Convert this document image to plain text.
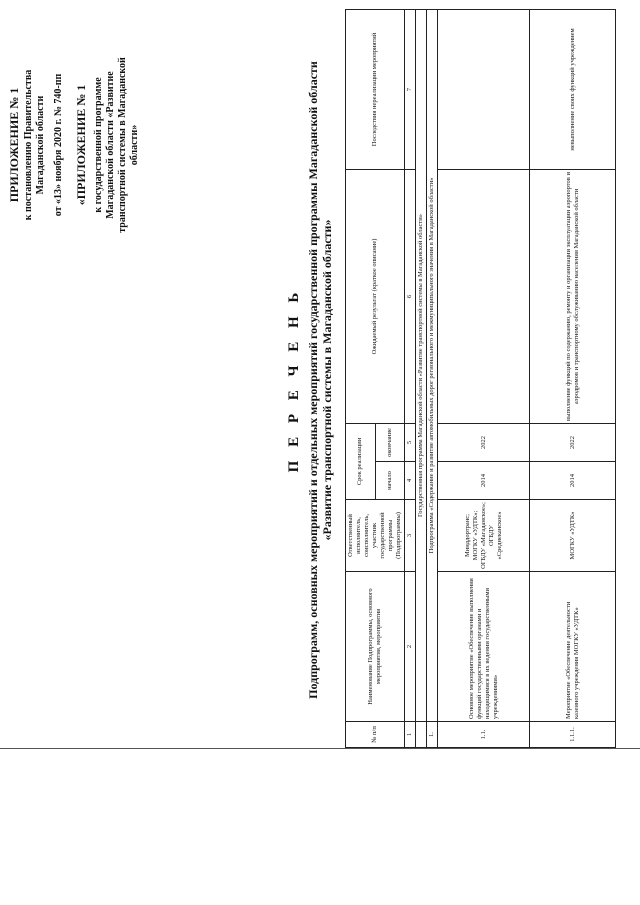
ПРИЛОЖЕНИЕ № 1 к постановлению Правительства Магаданской области от «13» ноября 2020 г. № 740-пп «ПРИЛОЖЕНИЕ № 1 к государственной программе Магаданской области «Развитие транспортной системы в Магаданской области»
П Е Р Е Ч Е Н Ь Подпрограмм, основных мероприятий и отдельных мероприятий государственной программы Магаданской области «Развитие транспортной системы в Магаданской области»
№ п/п	Наименование Подпрограммы, основного мероприятия, мероприятия	Ответственный исполнитель, соисполнитель, участник государственной программы (Подпрограммы)	Срок реализации		Ожидаемый результат (краткое описание)	Последствия нереализации мероприятий
			начало	окончание		
1	2	3	4	5	6	7
	Государственная программа Магаданской области «Развитие транспортной системы в Магаданской области»					
1.	Подпрограмма «Содержание и развитие автомобильных дорог регионального и межмуниципального значения в Магаданской области»					
1.1.	Основное мероприятие «Обеспечение выполнения функций государственными органами и находящимися в их ведении государственными учреждениями»	Минддортранс; МОГКУ «УДТК»; ОГБДУ «Магаданское»; ОГБДУ «Среднеканское»	2014	2022		
1.1.1.	Мероприятие «Обеспечение деятельности казенного учреждения МОГКУ «УДТК»	МОГКУ «УДТК»	2014	2022	выполнение функций по содержанию, ремонту и организации эксплуатации аэропортов и аэродромов и транспортному обслуживанию населения Магаданской области	невыполнение своих функций учреждением
